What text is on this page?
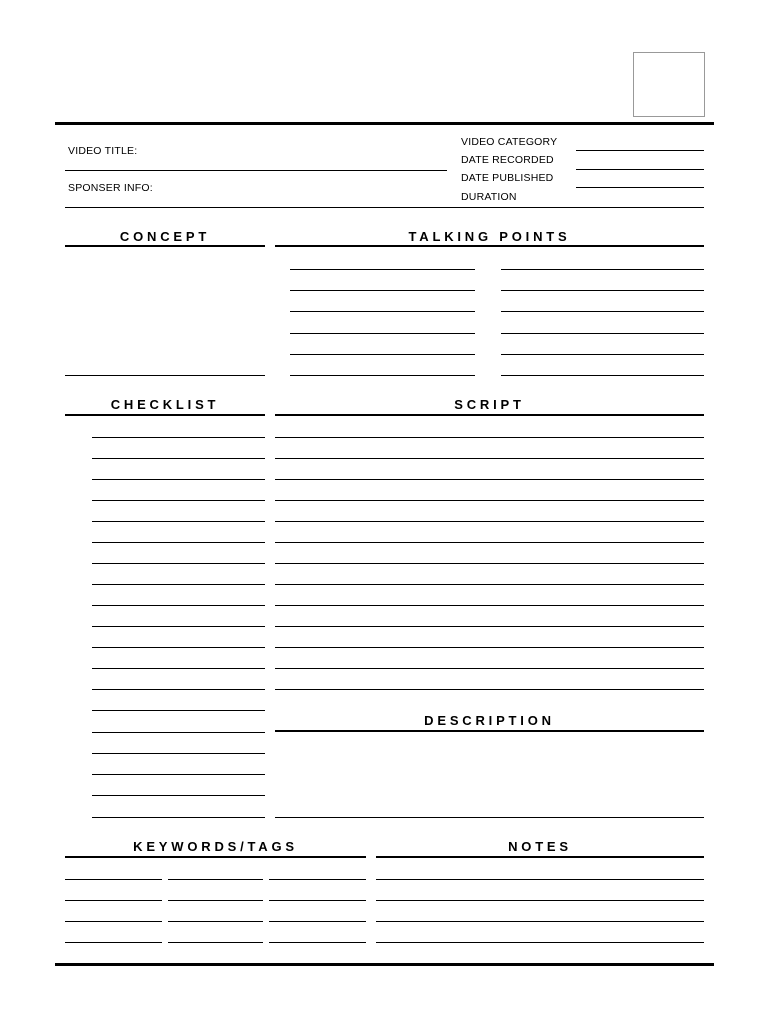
VIDEO TITLE:
SPONSER INFO:
VIDEO CATEGORY
DATE RECORDED
DATE PUBLISHED
DURATION
CONCEPT	TALKING POINTS
CHECKLIST	SCRIPT
DESCRIPTION
KEYWORDS/TAGS	NOTES
